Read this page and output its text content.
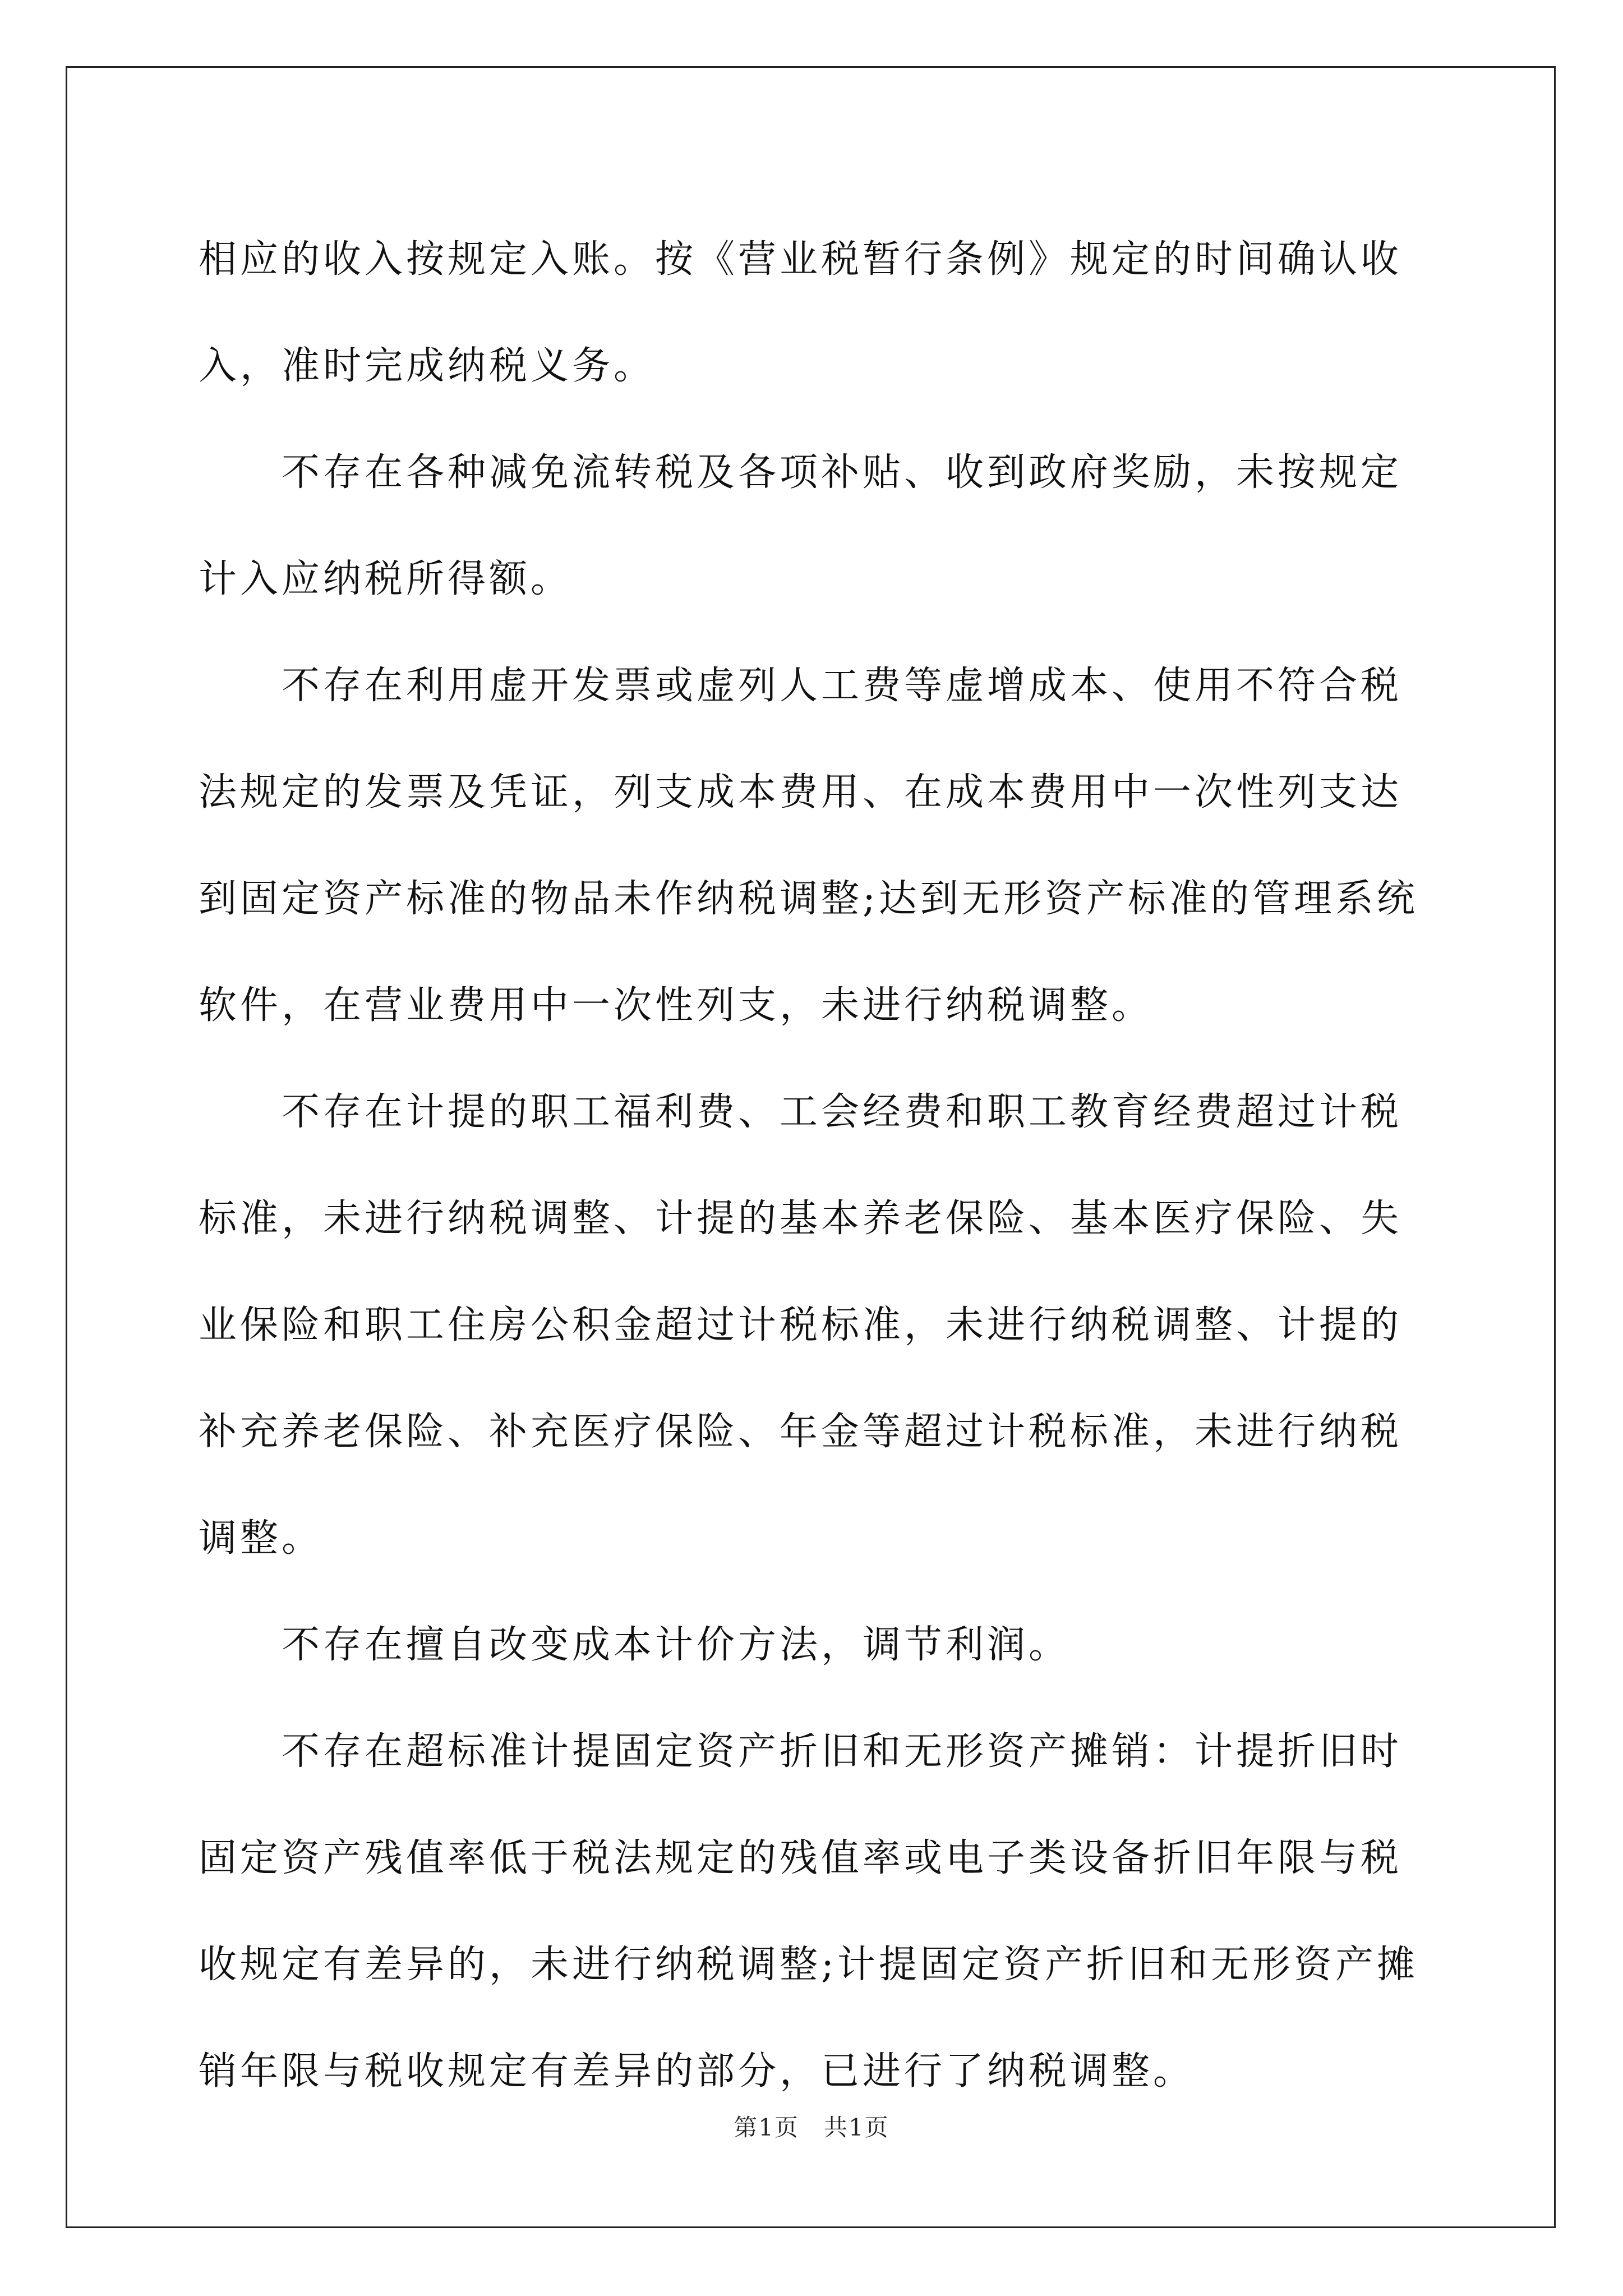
相应的收入按规定入账。按《营业税暂行条例》规定的时间确认收入，准时完成纳税义务。

不存在各种减免流转税及各项补贴、收到政府奖励，未按规定计入应纳税所得额。

不存在利用虚开发票或虚列人工费等虚增成本、使用不符合税法规定的发票及凭证，列支成本费用、在成本费用中一次性列支达到固定资产标准的物品未作纳税调整;达到无形资产标准的管理系统软件，在营业费用中一次性列支，未进行纳税调整。

不存在计提的职工福利费、工会经费和职工教育经费超过计税标准，未进行纳税调整、计提的基本养老保险、基本医疗保险、失业保险和职工住房公积金超过计税标准，未进行纳税调整、计提的补充养老保险、补充医疗保险、年金等超过计税标准，未进行纳税调整。

不存在擅自改变成本计价方法，调节利润。

不存在超标准计提固定资产折旧和无形资产摊销：计提折旧时固定资产残值率低于税法规定的残值率或电子类设备折旧年限与税收规定有差异的，未进行纳税调整;计提固定资产折旧和无形资产摊销年限与税收规定有差异的部分，已进行了纳税调整。

第1页　共1页
